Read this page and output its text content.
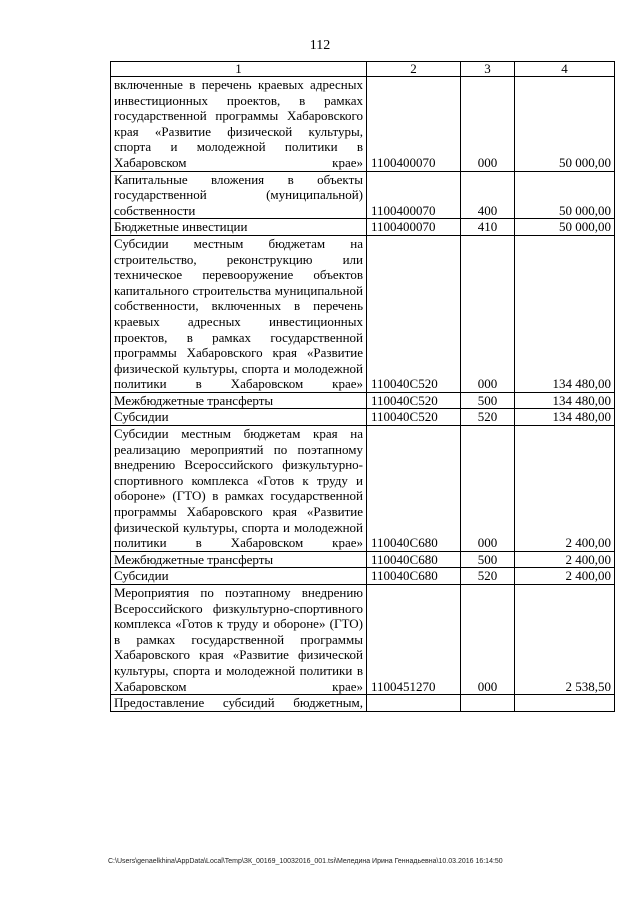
112
1	2	3	4
включенные в перечень краевых адресных инвестиционных проектов, в рамках государственной программы Хабаровского края «Развитие физической культуры, спорта и молодежной политики в Хабаровском крае»	1100400070	000	50 000,00
Капитальные вложения в объекты государственной (муниципальной) собственности	1100400070	400	50 000,00
Бюджетные инвестиции	1100400070	410	50 000,00
Субсидии местным бюджетам на строительство, реконструкцию или техническое перевооружение объектов капитального строительства муниципальной собственности, включенных в перечень краевых адресных инвестиционных проектов, в рамках государственной программы Хабаровского края «Развитие физической культуры, спорта и молодежной политики в Хабаровском крае»	110040С520	000	134 480,00
Межбюджетные трансферты	110040С520	500	134 480,00
Субсидии	110040С520	520	134 480,00
Субсидии местным бюджетам края на реализацию мероприятий по поэтапному внедрению Всероссийского физкультурно-спортивного комплекса «Готов к труду и обороне» (ГТО) в рамках государственной программы Хабаровского края «Развитие физической культуры, спорта и молодежной политики в Хабаровском крае»	110040С680	000	2 400,00
Межбюджетные трансферты	110040С680	500	2 400,00
Субсидии	110040С680	520	2 400,00
Мероприятия по поэтапному внедрению Всероссийского физкультурно-спортивного комплекса «Готов к труду и обороне» (ГТО) в рамках государственной программы Хабаровского края «Развитие физической культуры, спорта и молодежной политики в Хабаровском крае»	1100451270	000	2 538,50
Предоставление субсидий бюджетным,			
C:\Users\genaelkhina\AppData\Local\Temp\ЗК_00169_10032016_001.tsi\Меледина Ирина Геннадьевна\10.03.2016 16:14:50
